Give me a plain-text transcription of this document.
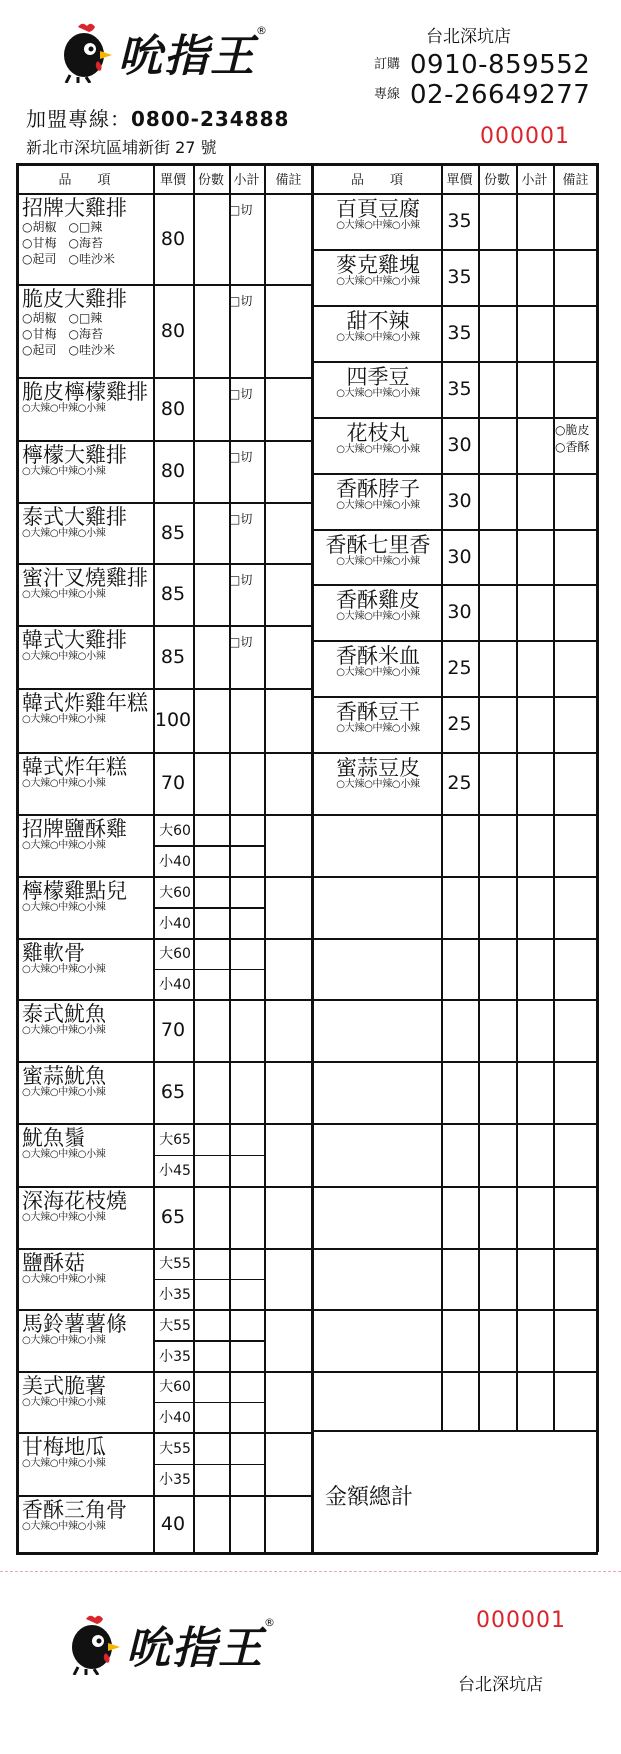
吮指王
®	台北深坑店
訂購 0910-859552
專線 02-26649277
加盟專線：0800-234888
新北市深坑區埔新街 27 號	000001
品　　項	單價 份數 小計 備註	品　　項	單價 份數 小計 備註
招牌大雞排
○胡椒　○□辣
○甘梅　○海苔
○起司　○哇沙米
80
□切
脆皮大雞排
○胡椒　○□辣
○甘梅　○海苔
○起司　○哇沙米
80
□切
脆皮檸檬雞排
○大辣○中辣○小辣	80
□切
檸檬大雞排
○大辣○中辣○小辣	80
□切
泰式大雞排
○大辣○中辣○小辣	85
□切
蜜汁叉燒雞排
○大辣○中辣○小辣	85
□切
韓式大雞排
○大辣○中辣○小辣	85
□切
韓式炸雞年糕
○大辣○中辣○小辣	100
韓式炸年糕
○大辣○中辣○小辣	70
招牌鹽酥雞
○大辣○中辣○小辣
大60
小40
檸檬雞點兒
○大辣○中辣○小辣
大60
小40
雞軟骨
○大辣○中辣○小辣
大60
小40
泰式魷魚
○大辣○中辣○小辣	70
蜜蒜魷魚
○大辣○中辣○小辣	65
魷魚鬚
○大辣○中辣○小辣
大65
小45
深海花枝燒
○大辣○中辣○小辣	65
鹽酥菇
○大辣○中辣○小辣
大55
小35
馬鈴薯薯條
○大辣○中辣○小辣
大55
小35
美式脆薯
○大辣○中辣○小辣
大60
小40
甘梅地瓜
○大辣○中辣○小辣
大55
小35
香酥三角骨
○大辣○中辣○小辣	40
百頁豆腐
○大辣○中辣○小辣	35
麥克雞塊
○大辣○中辣○小辣	35
甜不辣
○大辣○中辣○小辣	35
四季豆
○大辣○中辣○小辣	35
花枝丸
○大辣○中辣○小辣	30
○脆皮
○香酥
香酥脖子
○大辣○中辣○小辣	30
香酥七里香
○大辣○中辣○小辣	30
香酥雞皮
○大辣○中辣○小辣	30
香酥米血
○大辣○中辣○小辣	25
香酥豆干
○大辣○中辣○小辣	25
蜜蒜豆皮
○大辣○中辣○小辣	25
金額總計
吮指王
®	000001
台北深坑店
